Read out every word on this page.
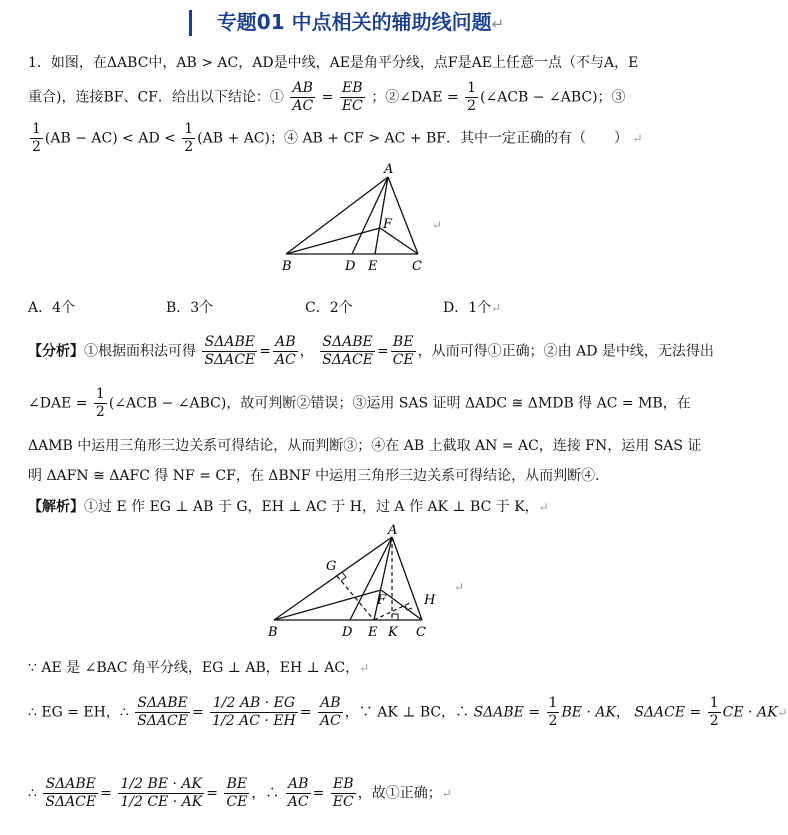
专题01 中点相关的辅助线问题↵
1．如图，在ΔABC中，AB > AC，AD是中线，AE是角平分线，点F是AE上任意一点（不与A，E
重合)，连接BF、CF．给出以下结论：① $\frac{AB}{AC} = \frac{EB}{EC}$ ；②∠DAE = $\frac{1}{2}$ (∠ACB − ∠ABC)；③
$\frac{1}{2} (AB - AC)$ < AD < $\frac{1}{2} (AB + AC)$；④ AB + CF > AC + BF．其中一定正确的有（　　） ↵
A
B	D E	C
F	↵
A．4个	B．3个	C．2个	D．1个↵
【分析】①根据面积法可得 $\frac{\text{SΔABE}}{\text{SΔACE}} = \frac{AB}{AC}$ ， $\frac{\text{SΔABE}}{\text{SΔACE}} = \frac{BE}{CE}$ ，从而可得①正确；②由 AD 是中线，无法得出
∠DAE = $\frac{1}{2}$ (∠ACB − ∠ABC)，故可判断②错误；③运用 SAS 证明 ΔADC ≅ ΔMDB 得 AC = MB，在
ΔAMB 中运用三角形三边关系可得结论，从而判断③；④在 AB 上截取 AN = AC，连接 FN，运用 SAS 证
明 ΔAFN ≅ ΔAFC 得 NF = CF，在 ΔBNF 中运用三角形三边关系可得结论，从而判断④．
【解析】①过 E 作 EG ⊥ AB 于 G，EH ⊥ AC 于 H，过 A 作 AK ⊥ BC 于 K，↵
A
B	D E K C
F
G
H
↵
∵ AE 是 ∠BAC 角平分线，EG ⊥ AB，EH ⊥ AC，↵
∴ EG = EH，∴ $\frac{\text{SΔABE}}{\text{SΔACE}} = \frac{1/2 AB \cdot EG}{1/2 AC \cdot EH} = \frac{AB}{AC}$ ，∵ AK ⊥ BC，∴ $S\Delta ABE = \frac{1}{2}$ BE · AK， $S\Delta ACE = \frac{1}{2}$ CE · AK↵
∴ $\frac{\text{SΔABE}}{\text{SΔACE}} = \frac{1/2 BE \cdot AK}{1/2 CE \cdot AK} = \frac{BE}{CE}$ ，∴ $\frac{AB}{AC} = \frac{EB}{EC}$ ，故①正确；↵
